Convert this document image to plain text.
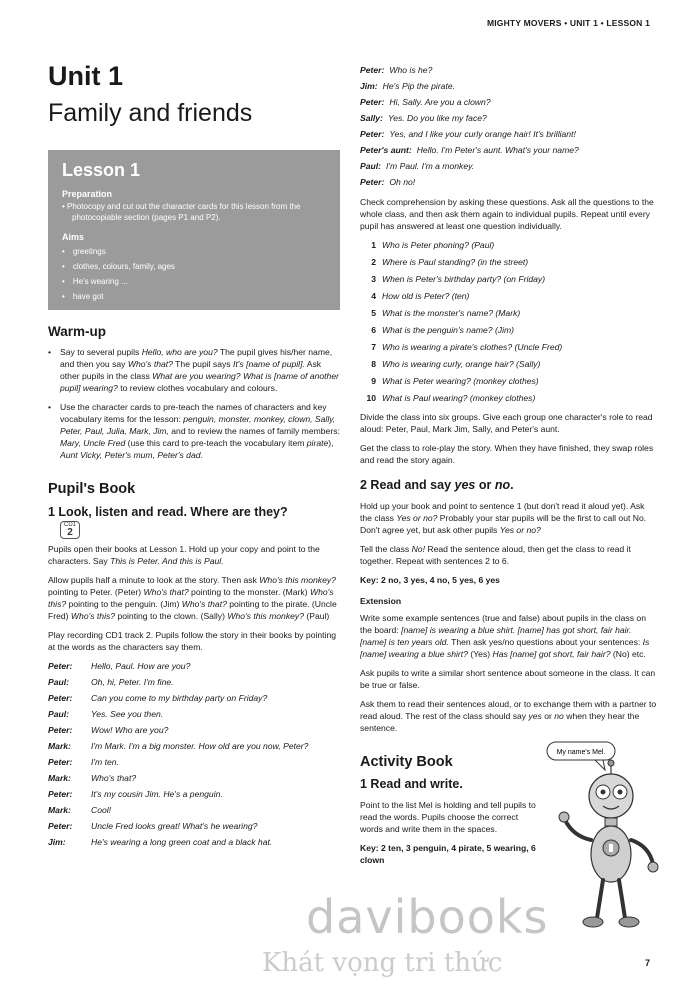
MIGHTY MOVERS • UNIT 1 • LESSON 1
Unit 1
Family and friends
Lesson 1
Preparation
• Photocopy and cut out the character cards for this lesson from the photocopiable section (pages P1 and P2).
Aims
• greetings
• clothes, colours, family, ages
• He's wearing ...
• have got
Warm-up
• Say to several pupils Hello, who are you? The pupil gives his/her name, and then you say Who's that? The pupil says It's [name of pupil]. Ask other pupils in the class What are you wearing? What is [name of another pupil] wearing? to review clothes vocabulary and colours.
• Use the character cards to pre-teach the names of characters and key vocabulary items for the lesson: penguin, monster, monkey, clown, Sally, Peter, Paul, Julia, Mark, Jim, and to review the names of family members: Mary, Uncle Fred (use this card to pre-teach the vocabulary item pirate), Aunt Vicky, Peter's mum, Peter's dad.
Pupil's Book
1 Look, listen and read. Where are they?
CD1
2

Pupils open their books at Lesson 1. Hold up your copy and point to the characters. Say This is Peter. And this is Paul.

Allow pupils half a minute to look at the story. Then ask Who's this monkey? pointing to Peter. (Peter) Who's that? pointing to the monster. (Mark) Who's this? pointing to the penguin. (Jim) Who's that? pointing to the pirate. (Uncle Fred) Who's this? pointing to the clown. (Sally) Who's this monkey? (Paul)

Play recording CD1 track 2. Pupils follow the story in their books by pointing at the words as the characters say them.

Peter:	Hello, Paul. How are you?
Paul:	Oh, hi, Peter. I'm fine.
Peter:	Can you come to my birthday party on Friday?
Paul:	Yes. See you then.
Peter:	Wow! Who are you?
Mark:	I'm Mark. I'm a big monster. How old are you now, Peter?
Peter:	I'm ten.
Mark:	Who's that?
Peter:	It's my cousin Jim. He's a penguin.
Mark:	Cool!
Peter:	Uncle Fred looks great! What's he wearing?
Jim:	He's wearing a long green coat and a black hat.
Peter: Who is he?
Jim: He's Pip the pirate.
Peter: Hi, Sally. Are you a clown?
Sally: Yes. Do you like my face?
Peter: Yes, and I like your curly orange hair! It's brilliant!
Peter's aunt: Hello. I'm Peter's aunt. What's your name?
Paul: I'm Paul. I'm a monkey.
Peter: Oh no!

Check comprehension by asking these questions. Ask all the questions to the whole class, and then ask them again to individual pupils. Repeat until every pupil has answered at least one question individually.

1 Who is Peter phoning? (Paul)
2 Where is Paul standing? (in the street)
3 When is Peter's birthday party? (on Friday)
4 How old is Peter? (ten)
5 What is the monster's name? (Mark)
6 What is the penguin's name? (Jim)
7 Who is wearing a pirate's clothes? (Uncle Fred)
8 Who is wearing curly, orange hair? (Sally)
9 What is Peter wearing? (monkey clothes)
10 What is Paul wearing? (monkey clothes)

Divide the class into six groups. Give each group one character's role to read aloud: Peter, Paul, Mark Jim, Sally, and Peter's aunt.

Get the class to role-play the story. When they have finished, they swap roles and read the story again.

2 Read and say yes or no.

Hold up your book and point to sentence 1 (but don't read it aloud yet). Ask the class Yes or no? Probably your star pupils will be the first to call out No. Don't agree yet, but ask other pupils Yes or no?

Tell the class No! Read the sentence aloud, then get the class to read it together. Repeat with sentences 2 to 6.

Key: 2 no, 3 yes, 4 no, 5 yes, 6 yes
Extension

Write some example sentences (true and false) about pupils in the class on the board: [name] is wearing a blue shirt. [name] has got short, fair hair. [name] is ten years old. Then ask yes/no questions about your sentences: Is [name] wearing a blue shirt? (Yes) Has [name] got short, fair hair? (No) etc.

Ask pupils to write a similar short sentence about someone in the class. It can be true or false.

Ask them to read their sentences aloud, or to exchange them with a partner to read aloud. The rest of the class should say yes or no when they hear the sentence.

Activity Book
1 Read and write.

Point to the list Mel is holding and tell pupils to read the words. Pupils choose the correct words and write them in the spaces.

Key: 2 ten, 3 penguin, 4 pirate, 5 wearing, 6 clown
My name's Mel.
davibooks
Khát vọng tri thức	7
